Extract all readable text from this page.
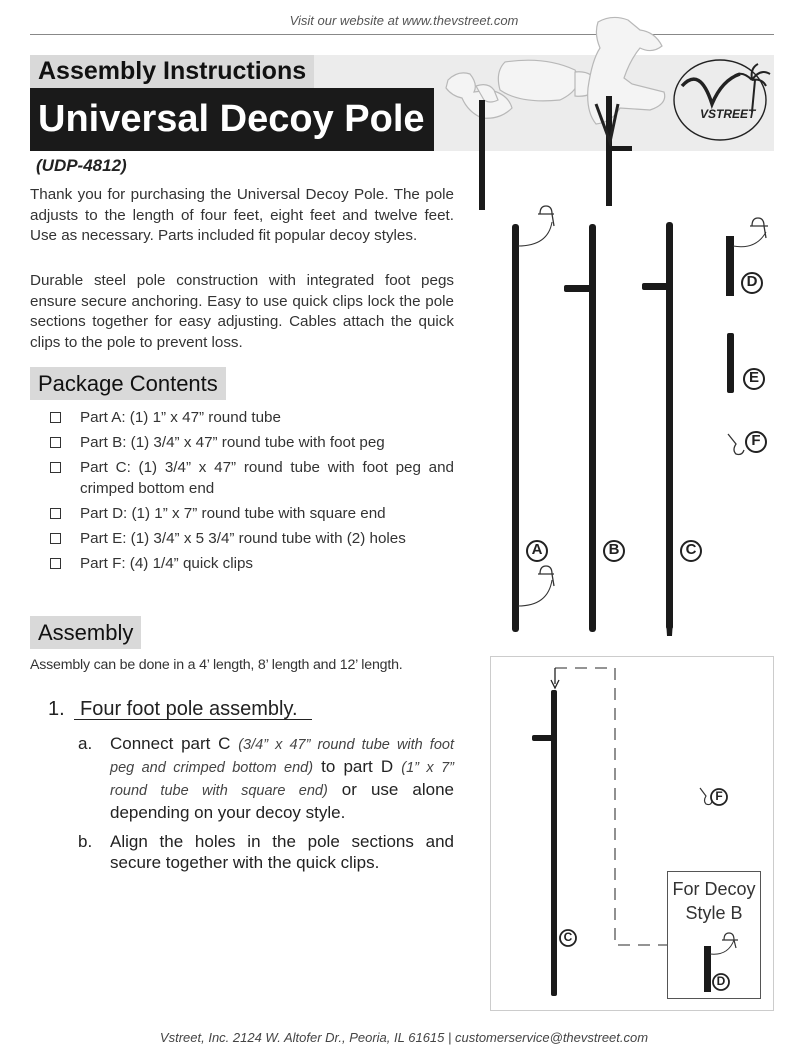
Visit our website at www.thevstreet.com
VSTREET
Assembly Instructions
Universal Decoy Pole
(UDP-4812)

Thank you for purchasing the Universal Decoy Pole. The pole adjusts to the length of four feet, eight feet and twelve feet. Use as necessary. Parts included fit popular decoy styles.

Durable steel pole construction with integrated foot pegs ensure secure anchoring. Easy to use quick clips lock the pole sections together for easy adjusting. Cables attach the quick clips to the pole to prevent loss.

Package Contents
Part A: (1) 1” x 47” round tube
Part B: (1) 3/4” x 47” round tube with foot peg
Part C: (1) 3/4” x 47” round tube with foot peg and crimped bottom end
Part D: (1) 1” x 7” round tube with square end
Part E: (1) 3/4” x 5 3/4” round tube with (2) holes
Part F: (4) 1/4” quick clips
Assembly
Assembly can be done in a 4’ length, 8’ length and 12’ length.
1. Four foot pole assembly.
a. Connect part C (3/4” x 47” round tube with foot peg and crimped bottom end) to part D (1” x 7” round tube with square end) or use alone depending on your decoy style.
b. Align the holes in the pole sections and secure together with the quick clips.
A	B	C
D
E
F
F
C
For Decoy Style B
D
Vstreet, Inc. 2124 W. Altofer Dr., Peoria, IL 61615 | customerservice@thevstreet.com
